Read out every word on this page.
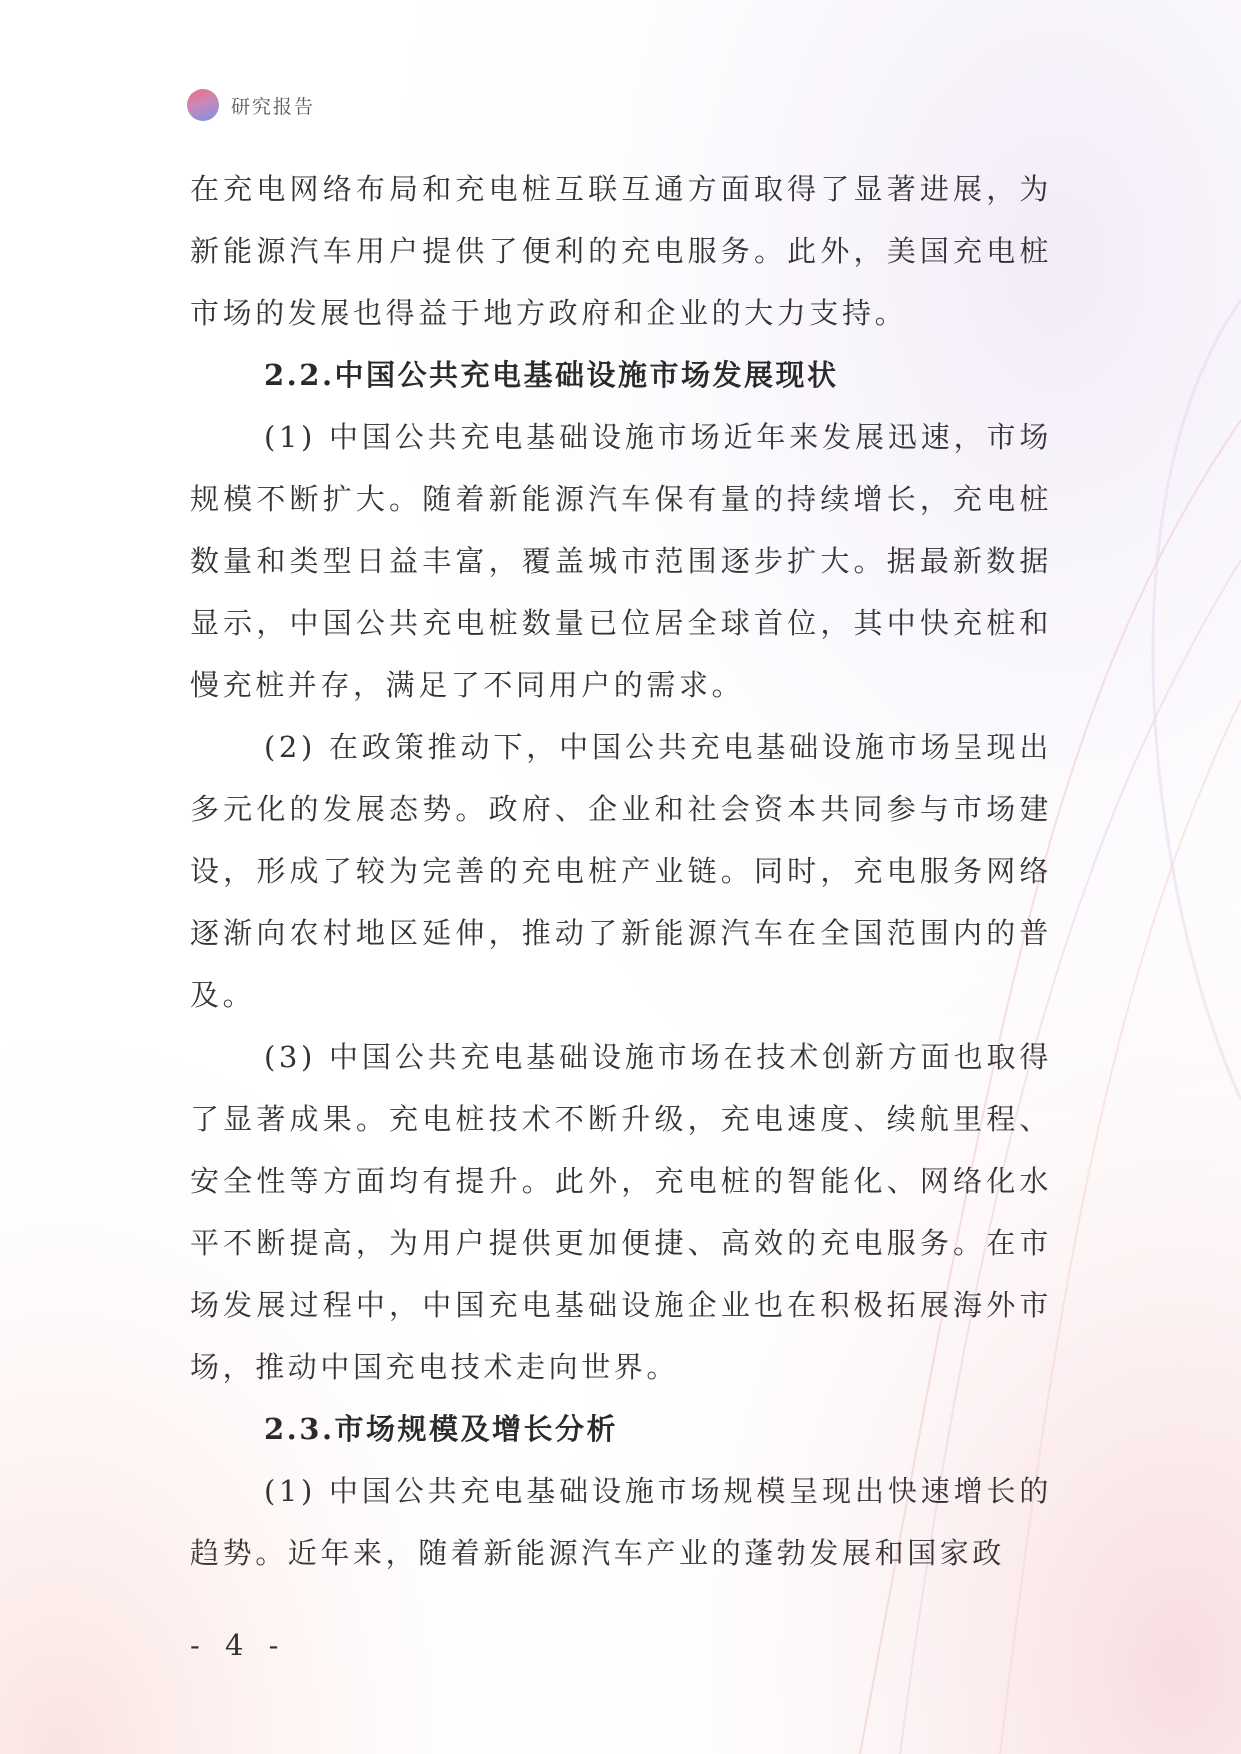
研究报告

在充电网络布局和充电桩互联互通方面取得了显著进展，为新能源汽车用户提供了便利的充电服务。此外，美国充电桩市场的发展也得益于地方政府和企业的大力支持。

2.2.中国公共充电基础设施市场发展现状

(1) 中国公共充电基础设施市场近年来发展迅速，市场规模不断扩大。随着新能源汽车保有量的持续增长，充电桩数量和类型日益丰富，覆盖城市范围逐步扩大。据最新数据显示，中国公共充电桩数量已位居全球首位，其中快充桩和慢充桩并存，满足了不同用户的需求。

(2) 在政策推动下，中国公共充电基础设施市场呈现出多元化的发展态势。政府、企业和社会资本共同参与市场建设，形成了较为完善的充电桩产业链。同时，充电服务网络逐渐向农村地区延伸，推动了新能源汽车在全国范围内的普及。

(3) 中国公共充电基础设施市场在技术创新方面也取得了显著成果。充电桩技术不断升级，充电速度、续航里程、安全性等方面均有提升。此外，充电桩的智能化、网络化水平不断提高，为用户提供更加便捷、高效的充电服务。在市场发展过程中，中国充电基础设施企业也在积极拓展海外市场，推动中国充电技术走向世界。

2.3.市场规模及增长分析

(1) 中国公共充电基础设施市场规模呈现出快速增长的趋势。近年来，随着新能源汽车产业的蓬勃发展和国家政

- 4 -
